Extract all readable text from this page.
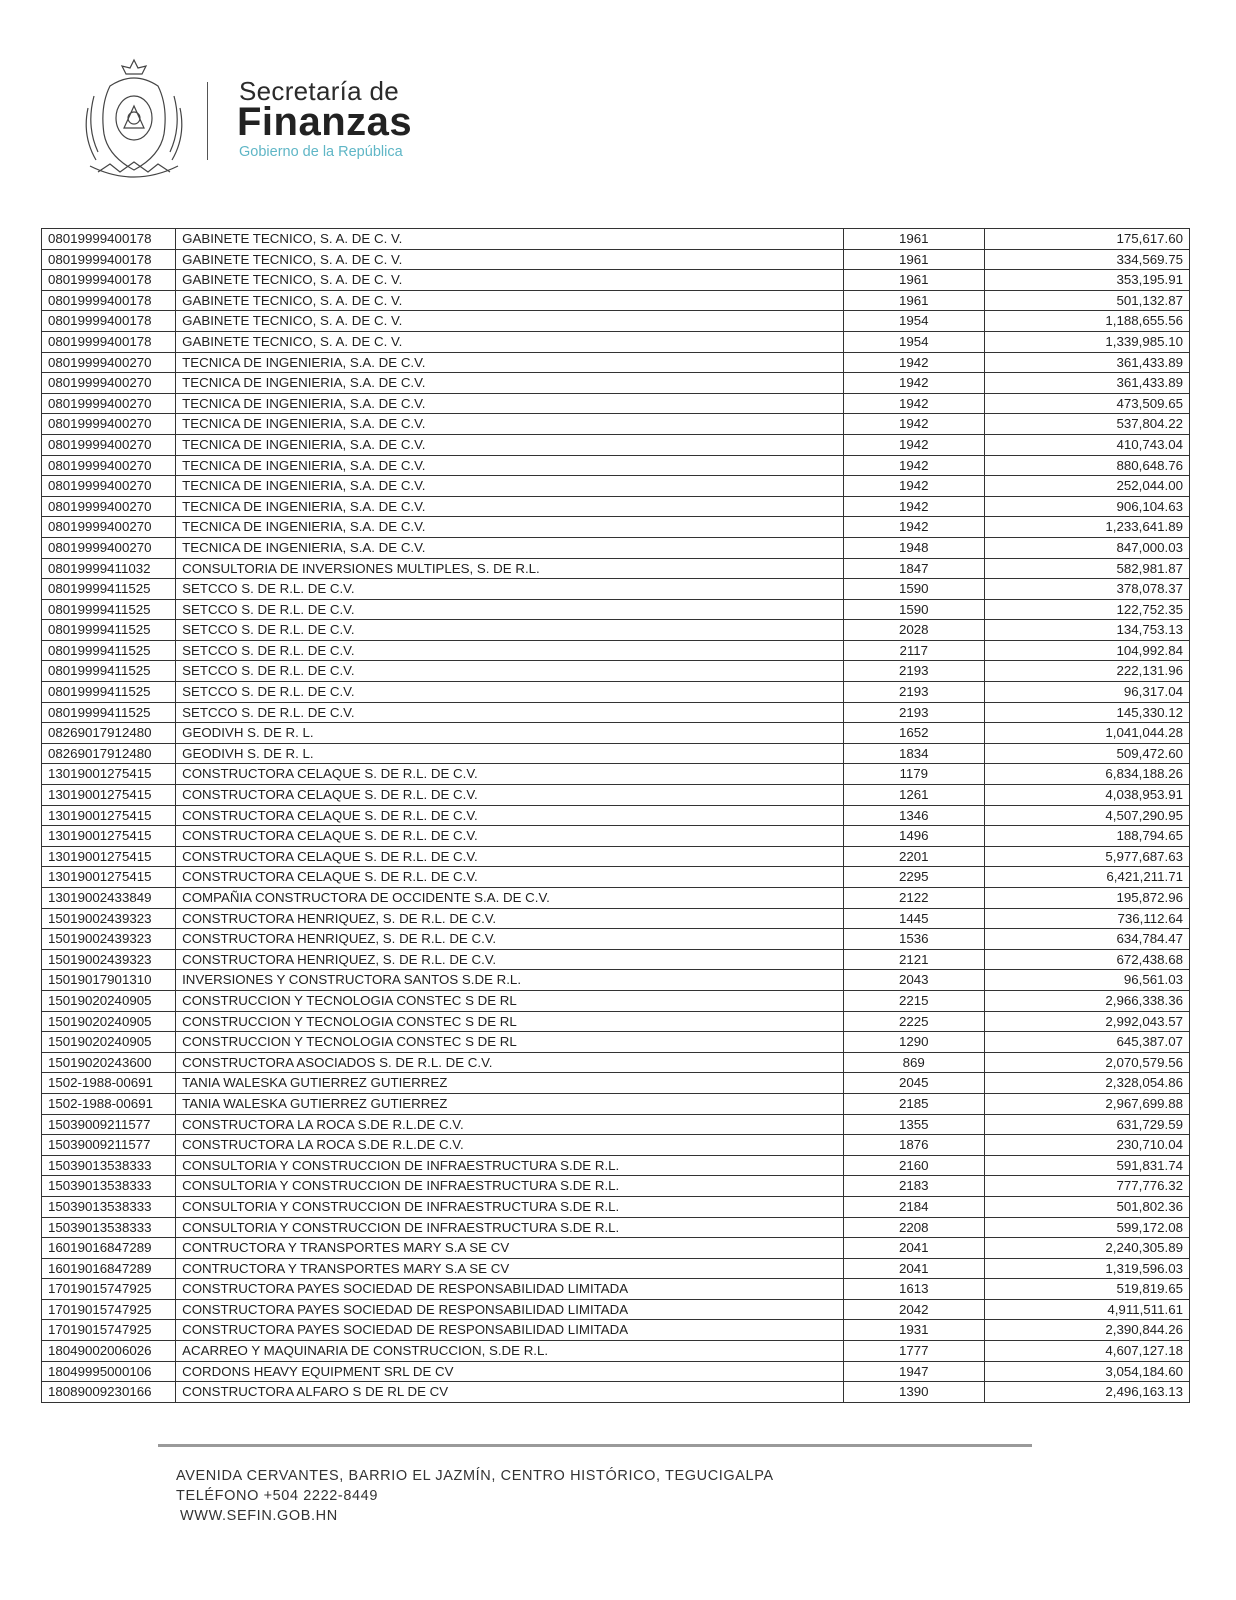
Secretaría de
Finanzas
Gobierno de la República
08019999400178	GABINETE TECNICO, S. A. DE C. V.	1961	175,617.60
08019999400178	GABINETE TECNICO, S. A. DE C. V.	1961	334,569.75
08019999400178	GABINETE TECNICO, S. A. DE C. V.	1961	353,195.91
08019999400178	GABINETE TECNICO, S. A. DE C. V.	1961	501,132.87
08019999400178	GABINETE TECNICO, S. A. DE C. V.	1954	1,188,655.56
08019999400178	GABINETE TECNICO, S. A. DE C. V.	1954	1,339,985.10
08019999400270	TECNICA DE INGENIERIA, S.A. DE C.V.	1942	361,433.89
08019999400270	TECNICA DE INGENIERIA, S.A. DE C.V.	1942	361,433.89
08019999400270	TECNICA DE INGENIERIA, S.A. DE C.V.	1942	473,509.65
08019999400270	TECNICA DE INGENIERIA, S.A. DE C.V.	1942	537,804.22
08019999400270	TECNICA DE INGENIERIA, S.A. DE C.V.	1942	410,743.04
08019999400270	TECNICA DE INGENIERIA, S.A. DE C.V.	1942	880,648.76
08019999400270	TECNICA DE INGENIERIA, S.A. DE C.V.	1942	252,044.00
08019999400270	TECNICA DE INGENIERIA, S.A. DE C.V.	1942	906,104.63
08019999400270	TECNICA DE INGENIERIA, S.A. DE C.V.	1942	1,233,641.89
08019999400270	TECNICA DE INGENIERIA, S.A. DE C.V.	1948	847,000.03
08019999411032	CONSULTORIA DE INVERSIONES MULTIPLES, S. DE R.L.	1847	582,981.87
08019999411525	SETCCO S. DE R.L. DE C.V.	1590	378,078.37
08019999411525	SETCCO S. DE R.L. DE C.V.	1590	122,752.35
08019999411525	SETCCO S. DE R.L. DE C.V.	2028	134,753.13
08019999411525	SETCCO S. DE R.L. DE C.V.	2117	104,992.84
08019999411525	SETCCO S. DE R.L. DE C.V.	2193	222,131.96
08019999411525	SETCCO S. DE R.L. DE C.V.	2193	96,317.04
08019999411525	SETCCO S. DE R.L. DE C.V.	2193	145,330.12
08269017912480	GEODIVH S. DE R. L.	1652	1,041,044.28
08269017912480	GEODIVH S. DE R. L.	1834	509,472.60
13019001275415	CONSTRUCTORA CELAQUE S. DE R.L. DE C.V.	1179	6,834,188.26
13019001275415	CONSTRUCTORA CELAQUE S. DE R.L. DE C.V.	1261	4,038,953.91
13019001275415	CONSTRUCTORA CELAQUE S. DE R.L. DE C.V.	1346	4,507,290.95
13019001275415	CONSTRUCTORA CELAQUE S. DE R.L. DE C.V.	1496	188,794.65
13019001275415	CONSTRUCTORA CELAQUE S. DE R.L. DE C.V.	2201	5,977,687.63
13019001275415	CONSTRUCTORA CELAQUE S. DE R.L. DE C.V.	2295	6,421,211.71
13019002433849	COMPAÑIA CONSTRUCTORA DE OCCIDENTE S.A. DE C.V.	2122	195,872.96
15019002439323	CONSTRUCTORA HENRIQUEZ, S. DE R.L. DE C.V.	1445	736,112.64
15019002439323	CONSTRUCTORA HENRIQUEZ, S. DE R.L. DE C.V.	1536	634,784.47
15019002439323	CONSTRUCTORA HENRIQUEZ, S. DE R.L. DE C.V.	2121	672,438.68
15019017901310	INVERSIONES Y CONSTRUCTORA SANTOS S.DE R.L.	2043	96,561.03
15019020240905	CONSTRUCCION Y TECNOLOGIA CONSTEC S DE RL	2215	2,966,338.36
15019020240905	CONSTRUCCION Y TECNOLOGIA CONSTEC S DE RL	2225	2,992,043.57
15019020240905	CONSTRUCCION Y TECNOLOGIA CONSTEC S DE RL	1290	645,387.07
15019020243600	CONSTRUCTORA ASOCIADOS S. DE R.L. DE C.V.	869	2,070,579.56
1502-1988-00691	TANIA WALESKA GUTIERREZ GUTIERREZ	2045	2,328,054.86
1502-1988-00691	TANIA WALESKA GUTIERREZ GUTIERREZ	2185	2,967,699.88
15039009211577	CONSTRUCTORA LA ROCA S.DE R.L.DE C.V.	1355	631,729.59
15039009211577	CONSTRUCTORA LA ROCA S.DE R.L.DE C.V.	1876	230,710.04
15039013538333	CONSULTORIA Y CONSTRUCCION DE INFRAESTRUCTURA S.DE R.L.	2160	591,831.74
15039013538333	CONSULTORIA Y CONSTRUCCION DE INFRAESTRUCTURA S.DE R.L.	2183	777,776.32
15039013538333	CONSULTORIA Y CONSTRUCCION DE INFRAESTRUCTURA S.DE R.L.	2184	501,802.36
15039013538333	CONSULTORIA Y CONSTRUCCION DE INFRAESTRUCTURA S.DE R.L.	2208	599,172.08
16019016847289	CONTRUCTORA Y TRANSPORTES MARY S.A SE CV	2041	2,240,305.89
16019016847289	CONTRUCTORA Y TRANSPORTES MARY S.A SE CV	2041	1,319,596.03
17019015747925	CONSTRUCTORA PAYES SOCIEDAD DE RESPONSABILIDAD LIMITADA	1613	519,819.65
17019015747925	CONSTRUCTORA PAYES SOCIEDAD DE RESPONSABILIDAD LIMITADA	2042	4,911,511.61
17019015747925	CONSTRUCTORA PAYES SOCIEDAD DE RESPONSABILIDAD LIMITADA	1931	2,390,844.26
18049002006026	ACARREO Y MAQUINARIA DE CONSTRUCCION, S.DE R.L.	1777	4,607,127.18
18049995000106	CORDONS HEAVY EQUIPMENT SRL DE CV	1947	3,054,184.60
18089009230166	CONSTRUCTORA ALFARO S DE RL DE CV	1390	2,496,163.13
AVENIDA CERVANTES, BARRIO EL JAZMÍN, CENTRO HISTÓRICO, TEGUCIGALPA
TELÉFONO +504 2222-8449
WWW.SEFIN.GOB.HN
